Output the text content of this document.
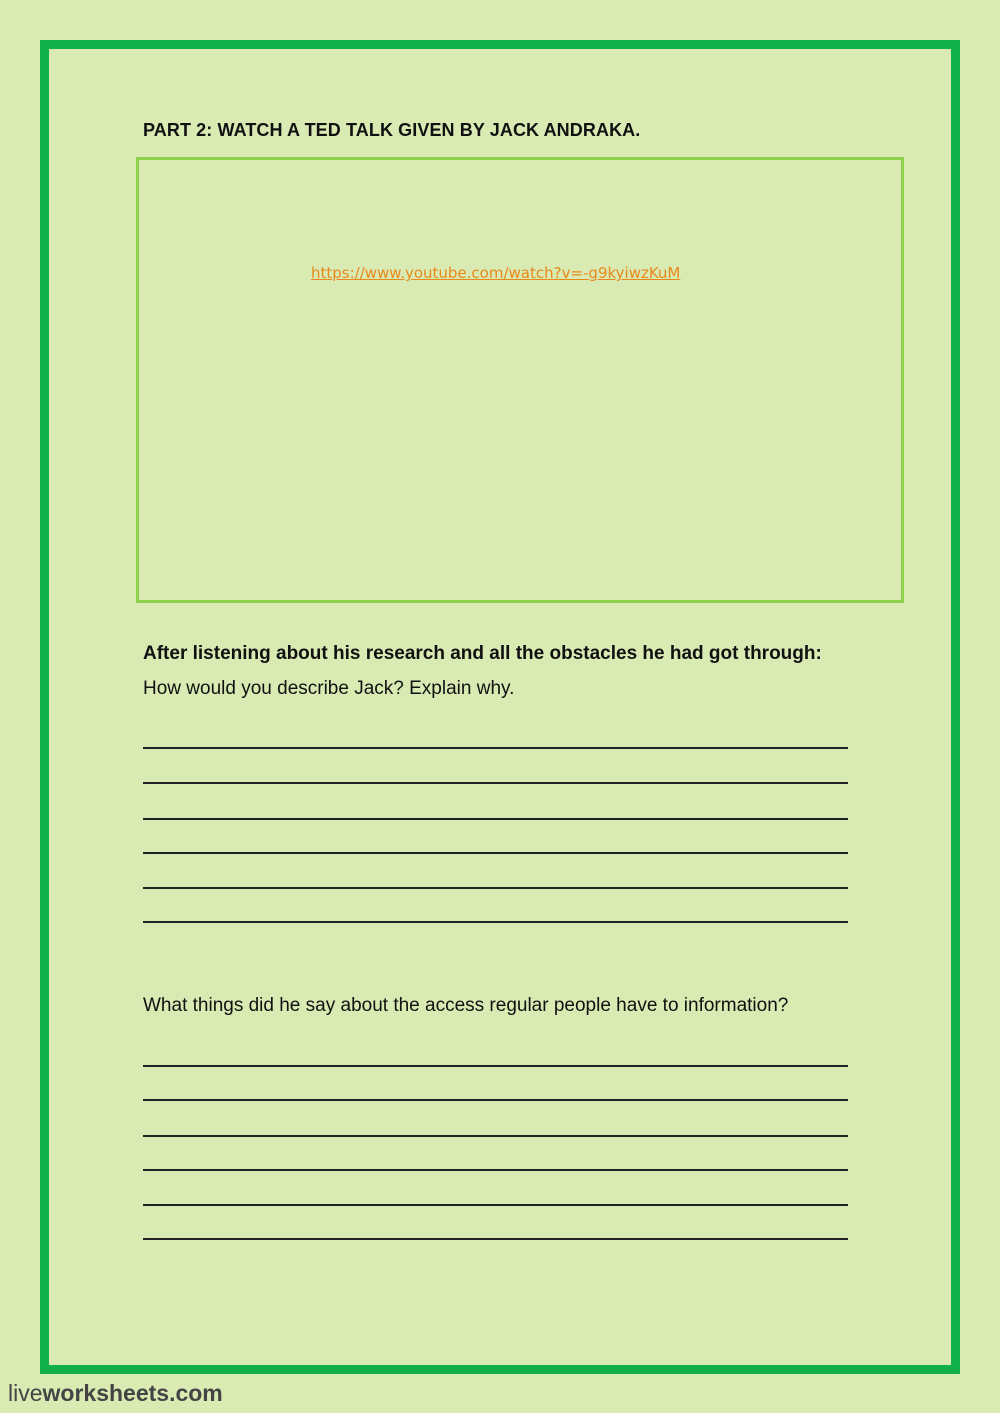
PART 2: WATCH A TED TALK GIVEN BY JACK ANDRAKA.
https://www.youtube.com/watch?v=-g9kyiwzKuM

After listening about his research and all the obstacles he had got through:

How would you describe Jack? Explain why.

What things did he say about the access regular people have to information?

liveworksheets.com
